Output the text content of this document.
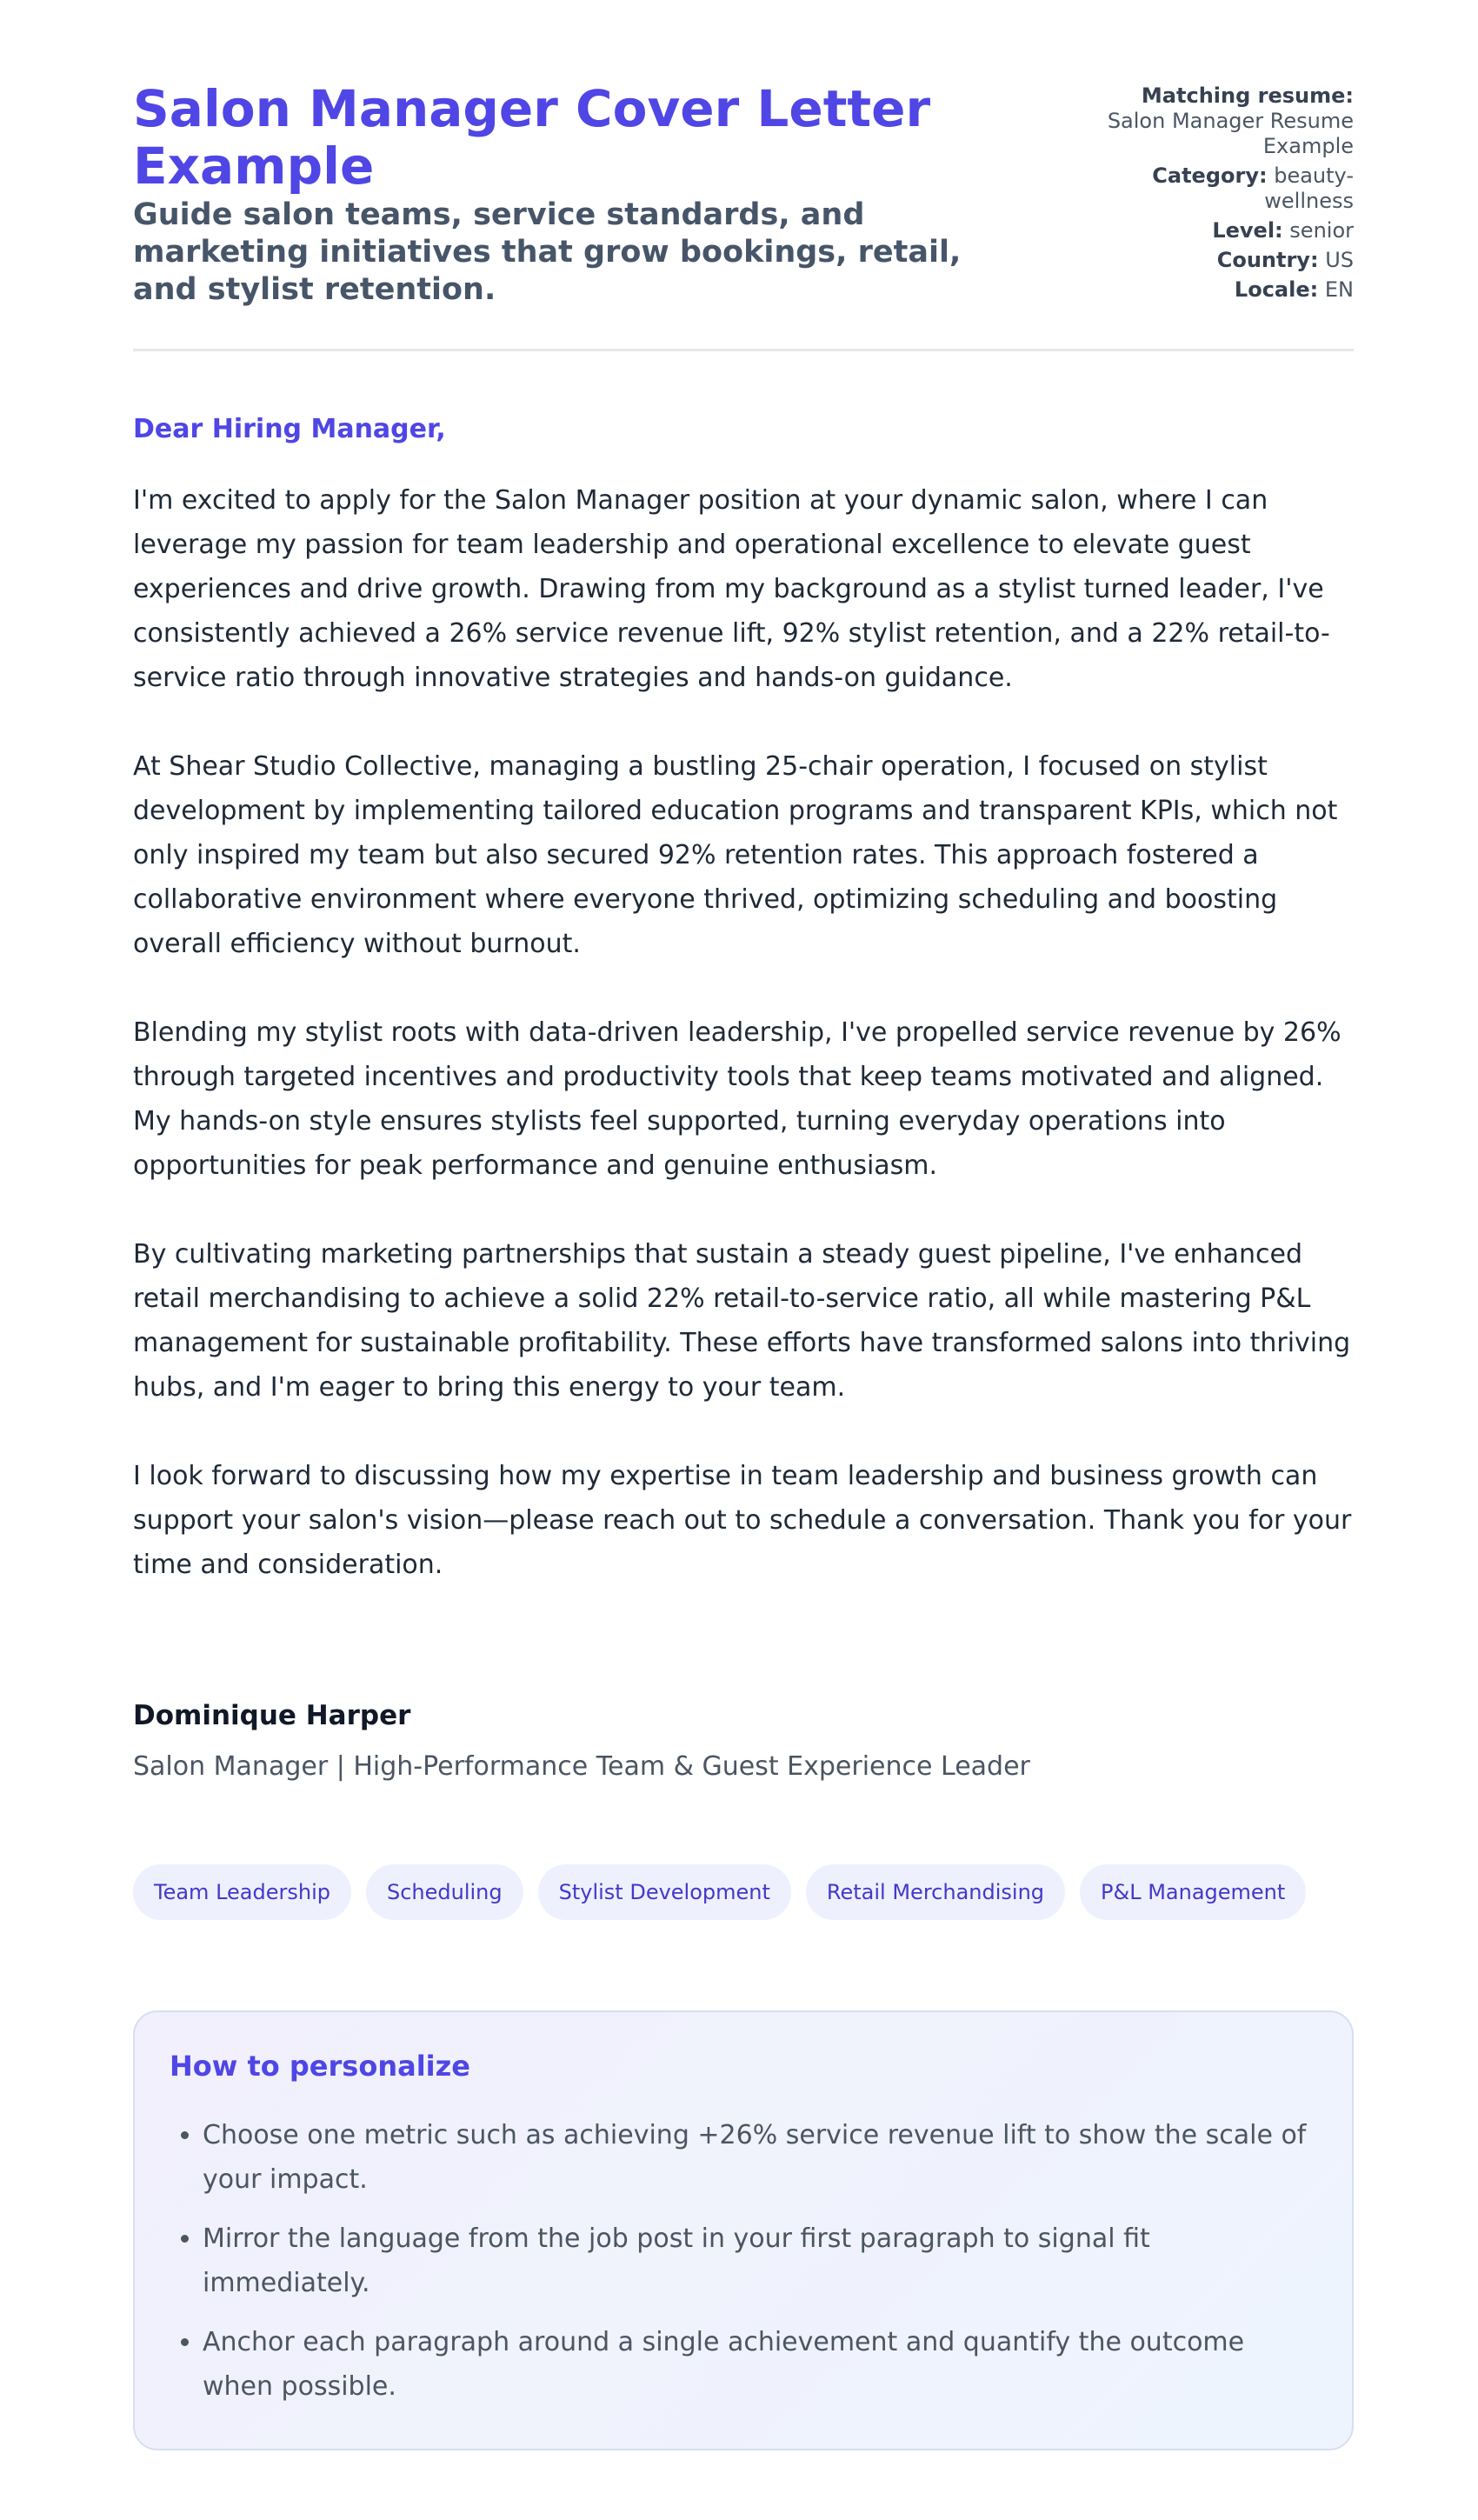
Salon Manager Cover Letter Example

Guide salon teams, service standards, and marketing initiatives that grow bookings, retail, and stylist retention.

Matching resume:
Salon Manager Resume Example
Category: beauty-wellness
Level: senior
Country: US
Locale: EN

Dear Hiring Manager,

I'm excited to apply for the Salon Manager position at your dynamic salon, where I can leverage my passion for team leadership and operational excellence to elevate guest experiences and drive growth. Drawing from my background as a stylist turned leader, I've consistently achieved a 26% service revenue lift, 92% stylist retention, and a 22% retail-to-service ratio through innovative strategies and hands-on guidance.

At Shear Studio Collective, managing a bustling 25-chair operation, I focused on stylist development by implementing tailored education programs and transparent KPIs, which not only inspired my team but also secured 92% retention rates. This approach fostered a collaborative environment where everyone thrived, optimizing scheduling and boosting overall efficiency without burnout.

Blending my stylist roots with data-driven leadership, I've propelled service revenue by 26% through targeted incentives and productivity tools that keep teams motivated and aligned. My hands-on style ensures stylists feel supported, turning everyday operations into opportunities for peak performance and genuine enthusiasm.

By cultivating marketing partnerships that sustain a steady guest pipeline, I've enhanced retail merchandising to achieve a solid 22% retail-to-service ratio, all while mastering P&L management for sustainable profitability. These efforts have transformed salons into thriving hubs, and I'm eager to bring this energy to your team.

I look forward to discussing how my expertise in team leadership and business growth can support your salon's vision—please reach out to schedule a conversation. Thank you for your time and consideration.

Dominique Harper

Salon Manager | High-Performance Team & Guest Experience Leader

Team Leadership	Scheduling	Stylist Development	Retail Merchandising	P&L Management
How to personalize
• Choose one metric such as achieving +26% service revenue lift to show the scale of your impact.
• Mirror the language from the job post in your first paragraph to signal fit immediately.
• Anchor each paragraph around a single achievement and quantify the outcome when possible.
